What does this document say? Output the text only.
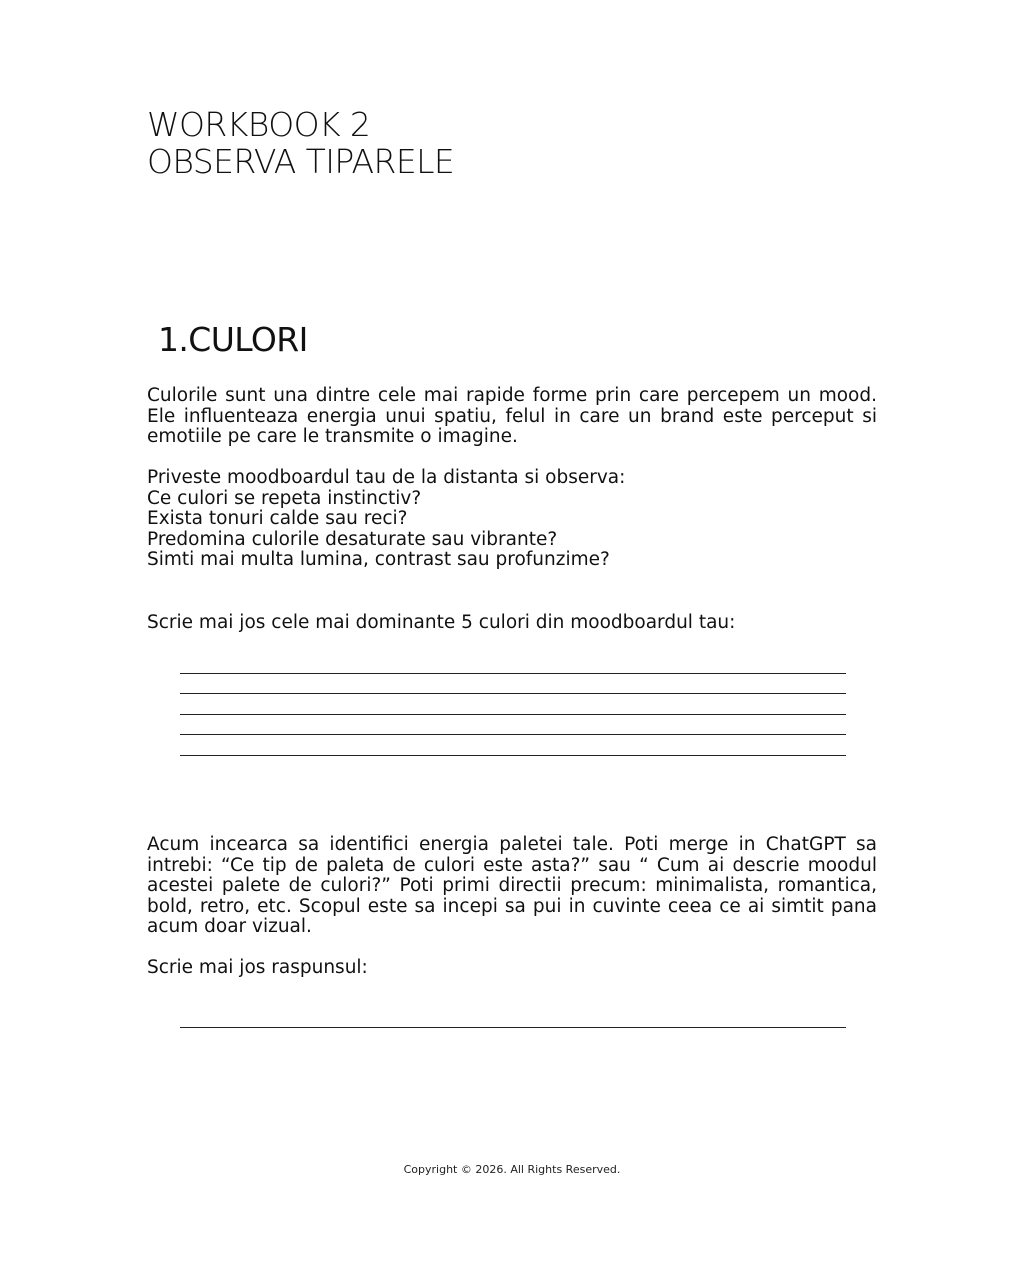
WORKBOOK 2
OBSERVA TIPARELE
1.CULORI

Culorile sunt una dintre cele mai rapide forme prin care percepem un mood. Ele influenteaza energia unui spatiu, felul in care un brand este perceput si emotiile pe care le transmite o imagine.

Priveste moodboardul tau de la distanta si observa:
Ce culori se repeta instinctiv?
Exista tonuri calde sau reci?
Predomina culorile desaturate sau vibrante?
Simti mai multa lumina, contrast sau profunzime?

Scrie mai jos cele mai dominante 5 culori din moodboardul tau:

Acum incearca sa identifici energia paletei tale. Poti merge in ChatGPT sa intrebi: “Ce tip de paleta de culori este asta?” sau “ Cum ai descrie moodul acestei palete de culori?” Poti primi directii precum: minimalista, romantica, bold, retro, etc. Scopul este sa incepi sa pui in cuvinte ceea ce ai simtit pana acum doar vizual.

Scrie mai jos raspunsul:

Copyright © 2026. All Rights Reserved.
